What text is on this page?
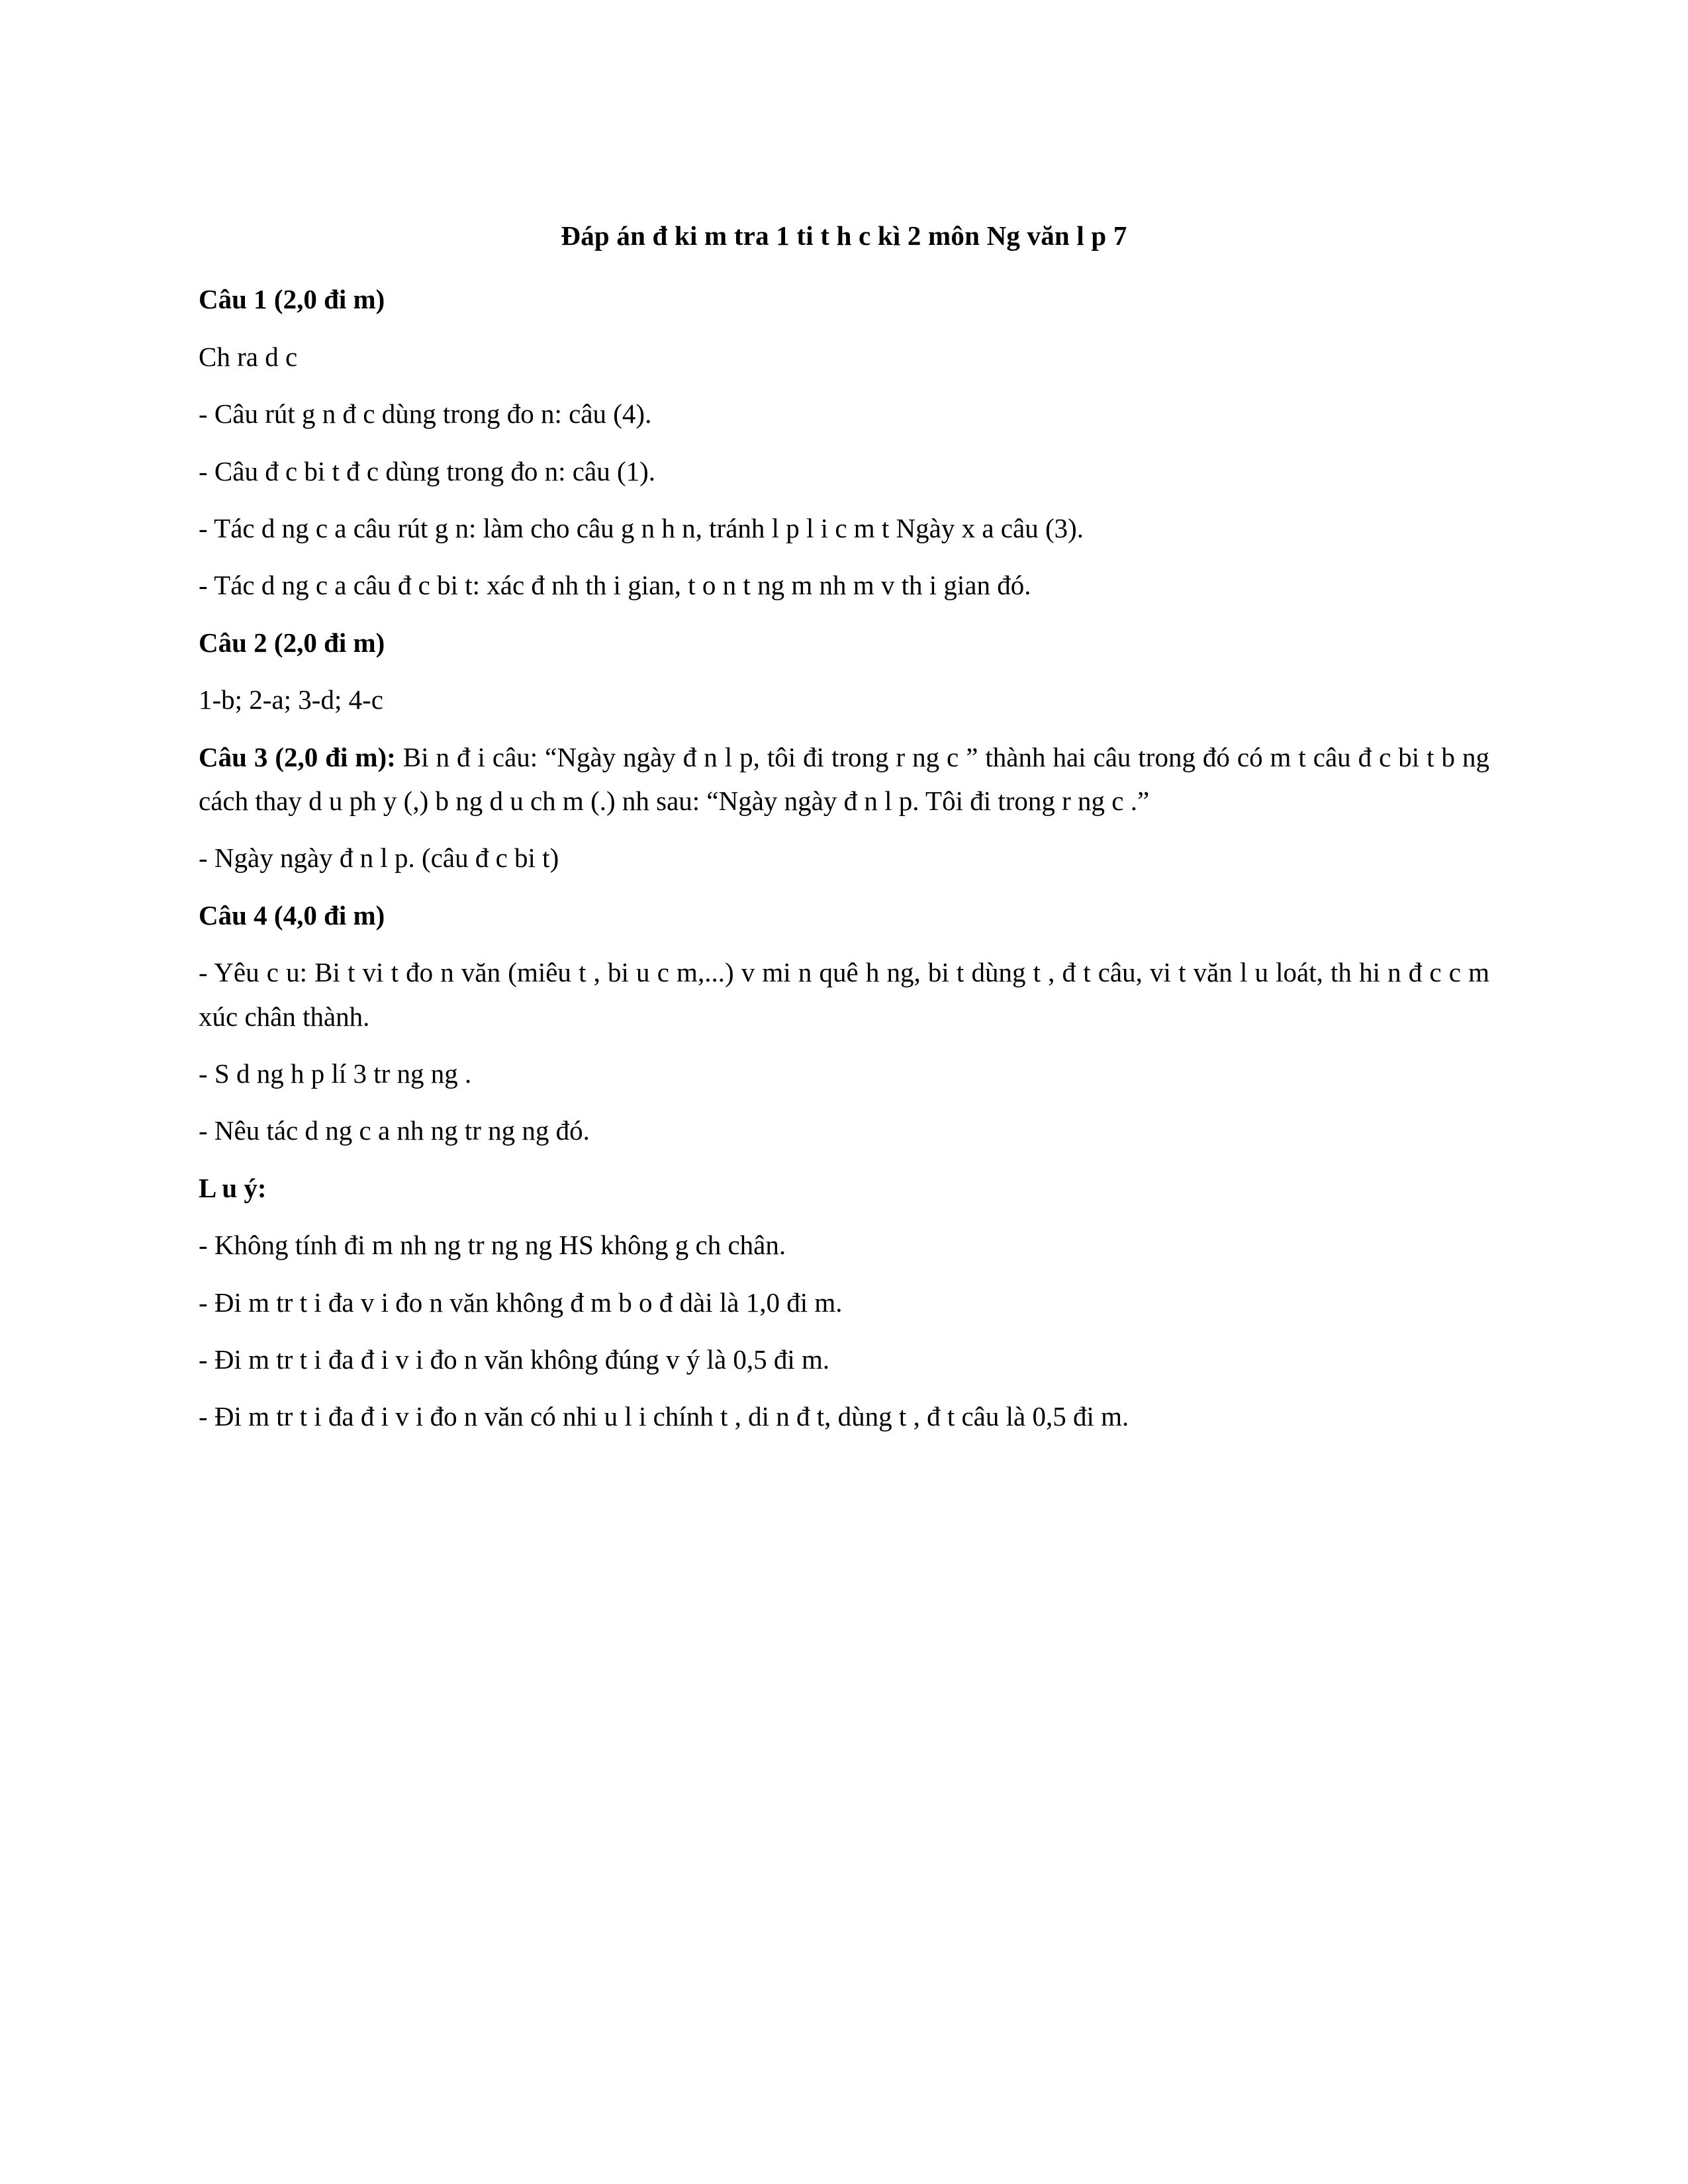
Đáp án đ ki m tra 1 ti t h c kì 2 môn Ng văn l p 7

Câu 1 (2,0 đi m)

Ch ra d c

- Câu rút g n đ c dùng trong đo n: câu (4).

- Câu đ c bi t đ c dùng trong đo n: câu (1).

- Tác d ng c a câu rút g n: làm cho câu g n h n, tránh l p l i c m t Ngày x a câu (3).

- Tác d ng c a câu đ c bi t: xác đ nh th i gian, t o n t ng m nh m v th i gian đó.

Câu 2 (2,0 đi m)

1-b; 2-a; 3-d; 4-c

Câu 3 (2,0 đi m): Bi n đ i câu: “Ngày ngày đ n l p, tôi đi trong r ng c ” thành hai câu trong đó có m t câu đ c bi t b ng cách thay d u ph y (,) b ng d u ch m (.) nh sau: “Ngày ngày đ n l p. Tôi đi trong r ng c .”

- Ngày ngày đ n l p. (câu đ c bi t)

Câu 4 (4,0 đi m)

- Yêu c u: Bi t vi t đo n văn (miêu t , bi u c m,...) v mi n quê h ng, bi t dùng t , đ t câu, vi t văn l u loát, th hi n đ c c m xúc chân thành.

- S d ng h p lí 3 tr ng ng .

- Nêu tác d ng c a nh ng tr ng ng đó.

L u ý:

- Không tính đi m nh ng tr ng ng HS không g ch chân.

- Đi m tr t i đa v i đo n văn không đ m b o đ dài là 1,0 đi m.

- Đi m tr t i đa đ i v i đo n văn không đúng v ý là 0,5 đi m.

- Đi m tr t i đa đ i v i đo n văn có nhi u l i chính t , di n đ t, dùng t , đ t câu là 0,5 đi m.
